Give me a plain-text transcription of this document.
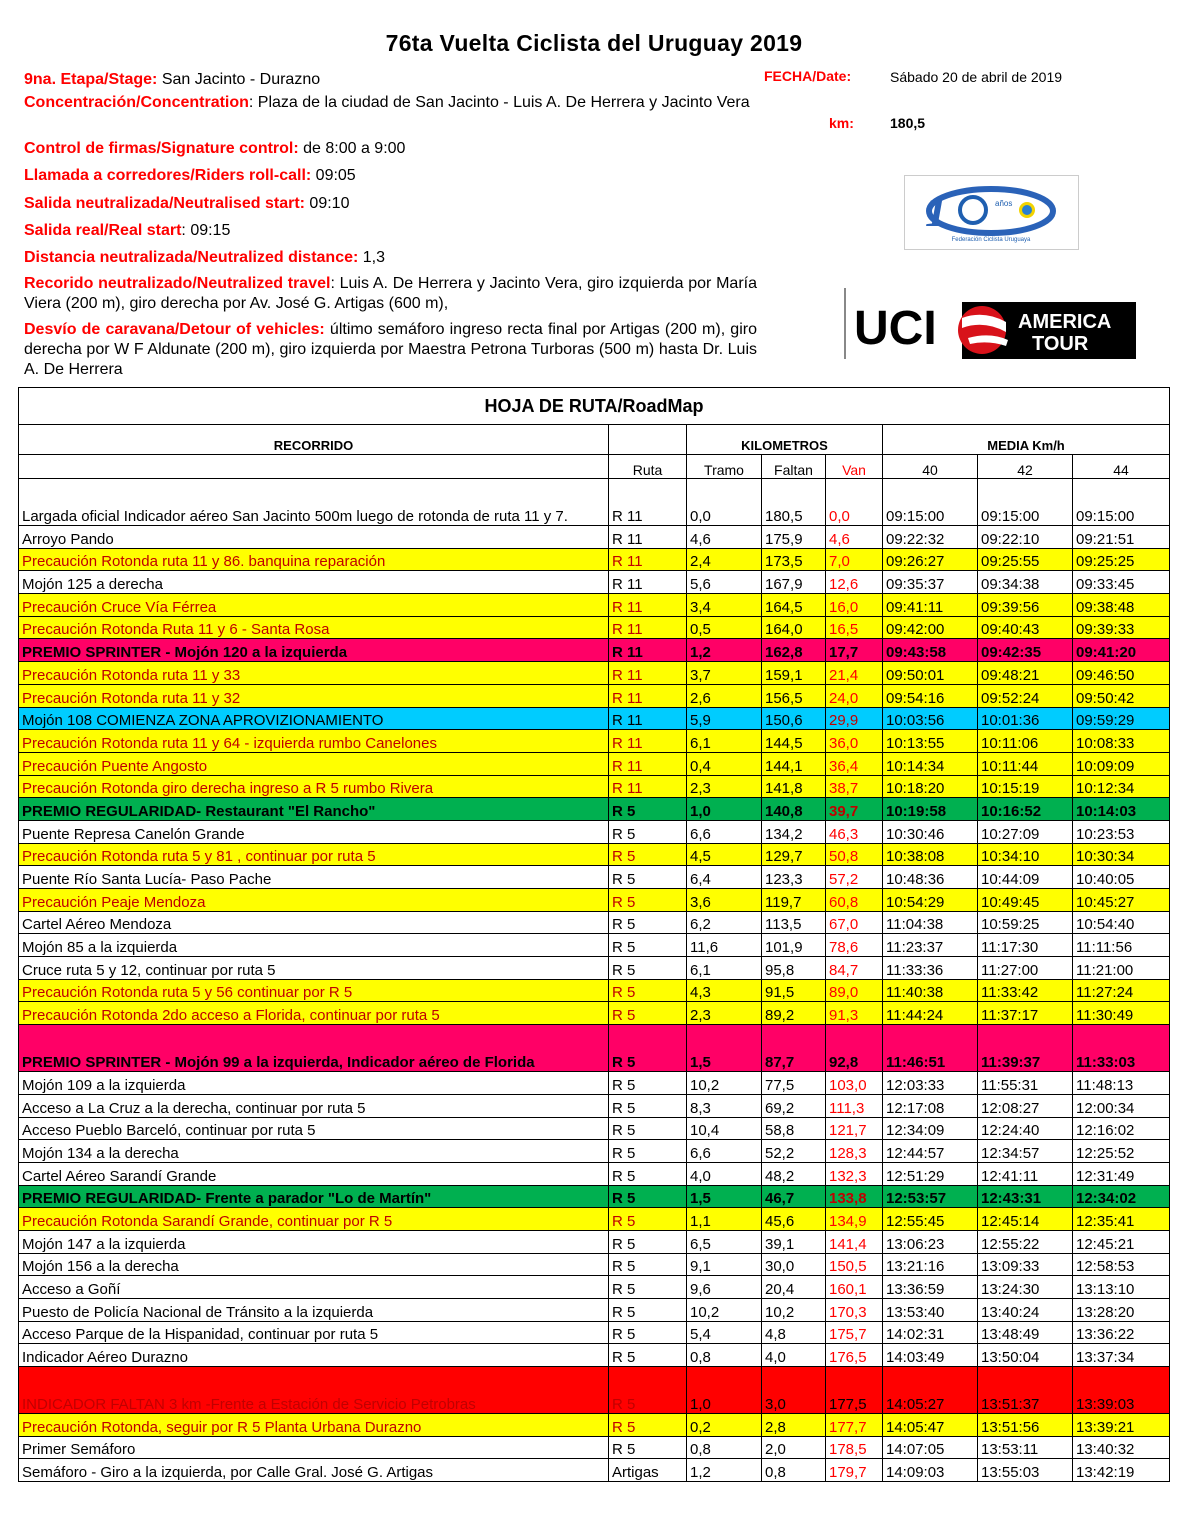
76ta Vuelta Ciclista del Uruguay 2019
9na. Etapa/Stage: San Jacinto - Durazno
Concentración/Concentration: Plaza de la ciudad de San Jacinto - Luis A. De Herrera y Jacinto Vera
Control de firmas/Signature control: de 8:00 a 9:00
Llamada a corredores/Riders roll-call: 09:05
Salida neutralizada/Neutralised start: 09:10
Salida real/Real start: 09:15
Distancia neutralizada/Neutralized distance: 1,3
Recorido neutralizado/Neutralized travel: Luis A. De Herrera y Jacinto Vera, giro izquierda por María Viera (200 m), giro derecha por Av. José G. Artigas (600 m),
Desvío de caravana/Detour of vehicles: último semáforo ingreso recta final por Artigas (200 m), giro derecha por W F Aldunate (200 m), giro izquierda por Maestra Petrona Turboras (500 m) hasta Dr. Luis A. De Herrera
FECHA/Date:	Sábado 20 de abril de 2019
km:	180,5
1	años
Federación Ciclista Uruguaya
UCI	AMERICA
TOUR
HOJA DE RUTA/RoadMap							
RECORRIDO		KILOMETROS			MEDIA Km/h		
	Ruta	Tramo	Faltan	Van	40	42	44
Largada oficial Indicador aéreo San Jacinto 500m luego de rotonda de ruta 11 y 7.	R 11	0,0	180,5	0,0	09:15:00	09:15:00	09:15:00
Arroyo Pando	R 11	4,6	175,9	4,6	09:22:32	09:22:10	09:21:51
Precaución Rotonda ruta 11 y 86. banquina reparación	R 11	2,4	173,5	7,0	09:26:27	09:25:55	09:25:25
Mojón 125 a derecha	R 11	5,6	167,9	12,6	09:35:37	09:34:38	09:33:45
Precaución Cruce Vía Férrea	R 11	3,4	164,5	16,0	09:41:11	09:39:56	09:38:48
Precaución Rotonda Ruta 11 y 6 - Santa Rosa	R 11	0,5	164,0	16,5	09:42:00	09:40:43	09:39:33
PREMIO SPRINTER - Mojón 120 a la izquierda	R 11	1,2	162,8	17,7	09:43:58	09:42:35	09:41:20
Precaución Rotonda ruta 11 y 33	R 11	3,7	159,1	21,4	09:50:01	09:48:21	09:46:50
Precaución Rotonda ruta 11 y 32	R 11	2,6	156,5	24,0	09:54:16	09:52:24	09:50:42
Mojón 108 COMIENZA ZONA APROVIZIONAMIENTO	R 11	5,9	150,6	29,9	10:03:56	10:01:36	09:59:29
Precaución Rotonda ruta 11 y 64 - izquierda rumbo Canelones	R 11	6,1	144,5	36,0	10:13:55	10:11:06	10:08:33
Precaución Puente Angosto	R 11	0,4	144,1	36,4	10:14:34	10:11:44	10:09:09
Precaución Rotonda giro derecha ingreso a R 5 rumbo Rivera	R 11	2,3	141,8	38,7	10:18:20	10:15:19	10:12:34
PREMIO REGULARIDAD- Restaurant "El Rancho"	R 5	1,0	140,8	39,7	10:19:58	10:16:52	10:14:03
Puente Represa Canelón Grande	R 5	6,6	134,2	46,3	10:30:46	10:27:09	10:23:53
Precaución Rotonda ruta 5 y 81 , continuar por ruta 5	R 5	4,5	129,7	50,8	10:38:08	10:34:10	10:30:34
Puente Río Santa Lucía- Paso Pache	R 5	6,4	123,3	57,2	10:48:36	10:44:09	10:40:05
Precaución Peaje Mendoza	R 5	3,6	119,7	60,8	10:54:29	10:49:45	10:45:27
Cartel Aéreo Mendoza	R 5	6,2	113,5	67,0	11:04:38	10:59:25	10:54:40
Mojón 85 a la izquierda	R 5	11,6	101,9	78,6	11:23:37	11:17:30	11:11:56
Cruce ruta 5 y 12, continuar por ruta 5	R 5	6,1	95,8	84,7	11:33:36	11:27:00	11:21:00
Precaución Rotonda ruta 5 y 56 continuar por R 5	R 5	4,3	91,5	89,0	11:40:38	11:33:42	11:27:24
Precaución Rotonda 2do acceso a Florida, continuar por ruta 5	R 5	2,3	89,2	91,3	11:44:24	11:37:17	11:30:49
PREMIO SPRINTER - Mojón 99 a la izquierda, Indicador aéreo de Florida	R 5	1,5	87,7	92,8	11:46:51	11:39:37	11:33:03
Mojón 109 a la izquierda	R 5	10,2	77,5	103,0	12:03:33	11:55:31	11:48:13
Acceso a La Cruz a la derecha, continuar por ruta 5	R 5	8,3	69,2	111,3	12:17:08	12:08:27	12:00:34
Acceso Pueblo Barceló, continuar por ruta 5	R 5	10,4	58,8	121,7	12:34:09	12:24:40	12:16:02
Mojón 134 a la derecha	R 5	6,6	52,2	128,3	12:44:57	12:34:57	12:25:52
Cartel Aéreo Sarandí Grande	R 5	4,0	48,2	132,3	12:51:29	12:41:11	12:31:49
PREMIO REGULARIDAD- Frente a parador "Lo de Martín"	R 5	1,5	46,7	133,8	12:53:57	12:43:31	12:34:02
Precaución Rotonda Sarandí Grande, continuar por R 5	R 5	1,1	45,6	134,9	12:55:45	12:45:14	12:35:41
Mojón 147 a la izquierda	R 5	6,5	39,1	141,4	13:06:23	12:55:22	12:45:21
Mojón 156 a la derecha	R 5	9,1	30,0	150,5	13:21:16	13:09:33	12:58:53
Acceso a Goñí	R 5	9,6	20,4	160,1	13:36:59	13:24:30	13:13:10
Puesto de Policía Nacional de Tránsito a la izquierda	R 5	10,2	10,2	170,3	13:53:40	13:40:24	13:28:20
Acceso Parque de la Hispanidad, continuar por ruta 5	R 5	5,4	4,8	175,7	14:02:31	13:48:49	13:36:22
Indicador Aéreo Durazno	R 5	0,8	4,0	176,5	14:03:49	13:50:04	13:37:34
INDICADOR FALTAN 3 km -Frente a Estación de Servicio Petrobras	R 5	1,0	3,0	177,5	14:05:27	13:51:37	13:39:03
Precaución Rotonda, seguir por R 5 Planta Urbana Durazno	R 5	0,2	2,8	177,7	14:05:47	13:51:56	13:39:21
Primer Semáforo	R 5	0,8	2,0	178,5	14:07:05	13:53:11	13:40:32
Semáforo - Giro a la izquierda, por Calle Gral. José G. Artigas	Artigas	1,2	0,8	179,7	14:09:03	13:55:03	13:42:19
